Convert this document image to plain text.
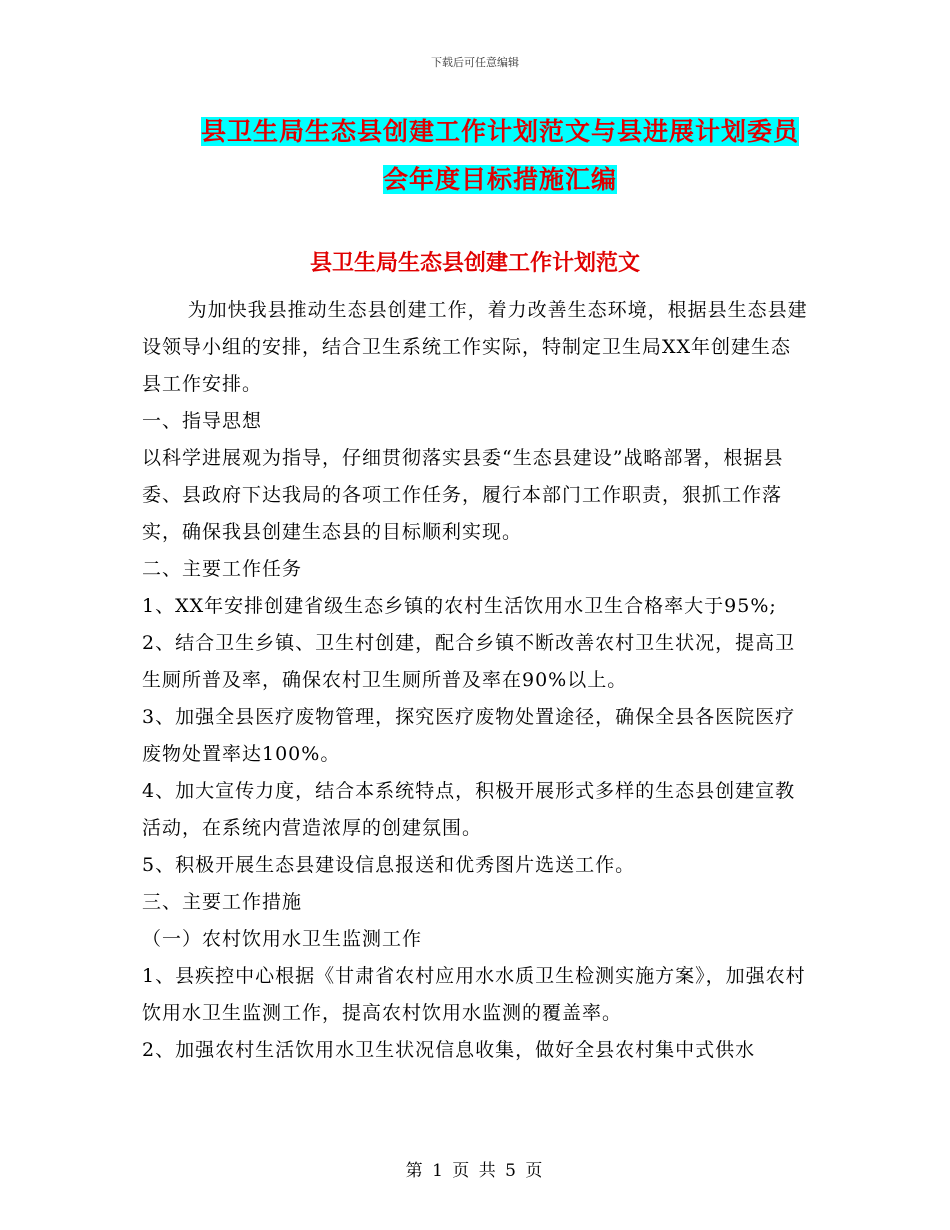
下载后可任意编辑
县卫生局生态县创建工作计划范文与县进展计划委员
会年度目标措施汇编
县卫生局生态县创建工作计划范文

为加快我县推动生态县创建工作，着力改善生态环境，根据县生态县建设领导小组的安排，结合卫生系统工作实际，特制定卫生局XX年创建生态县工作安排。

一、指导思想

以科学进展观为指导，仔细贯彻落实县委“生态县建设”战略部署，根据县委、县政府下达我局的各项工作任务，履行本部门工作职责，狠抓工作落实，确保我县创建生态县的目标顺利实现。

二、主要工作任务

1、XX年安排创建省级生态乡镇的农村生活饮用水卫生合格率大于95%;

2、结合卫生乡镇、卫生村创建，配合乡镇不断改善农村卫生状况，提高卫生厕所普及率，确保农村卫生厕所普及率在90%以上。

3、加强全县医疗废物管理，探究医疗废物处置途径，确保全县各医院医疗废物处置率达100%。

4、加大宣传力度，结合本系统特点，积极开展形式多样的生态县创建宣教活动，在系统内营造浓厚的创建氛围。

5、积极开展生态县建设信息报送和优秀图片选送工作。

三、主要工作措施

（一）农村饮用水卫生监测工作

1、县疾控中心根据《甘肃省农村应用水水质卫生检测实施方案》，加强农村饮用水卫生监测工作，提高农村饮用水监测的覆盖率。

2、加强农村生活饮用水卫生状况信息收集，做好全县农村集中式供水

第 1 页 共 5 页
